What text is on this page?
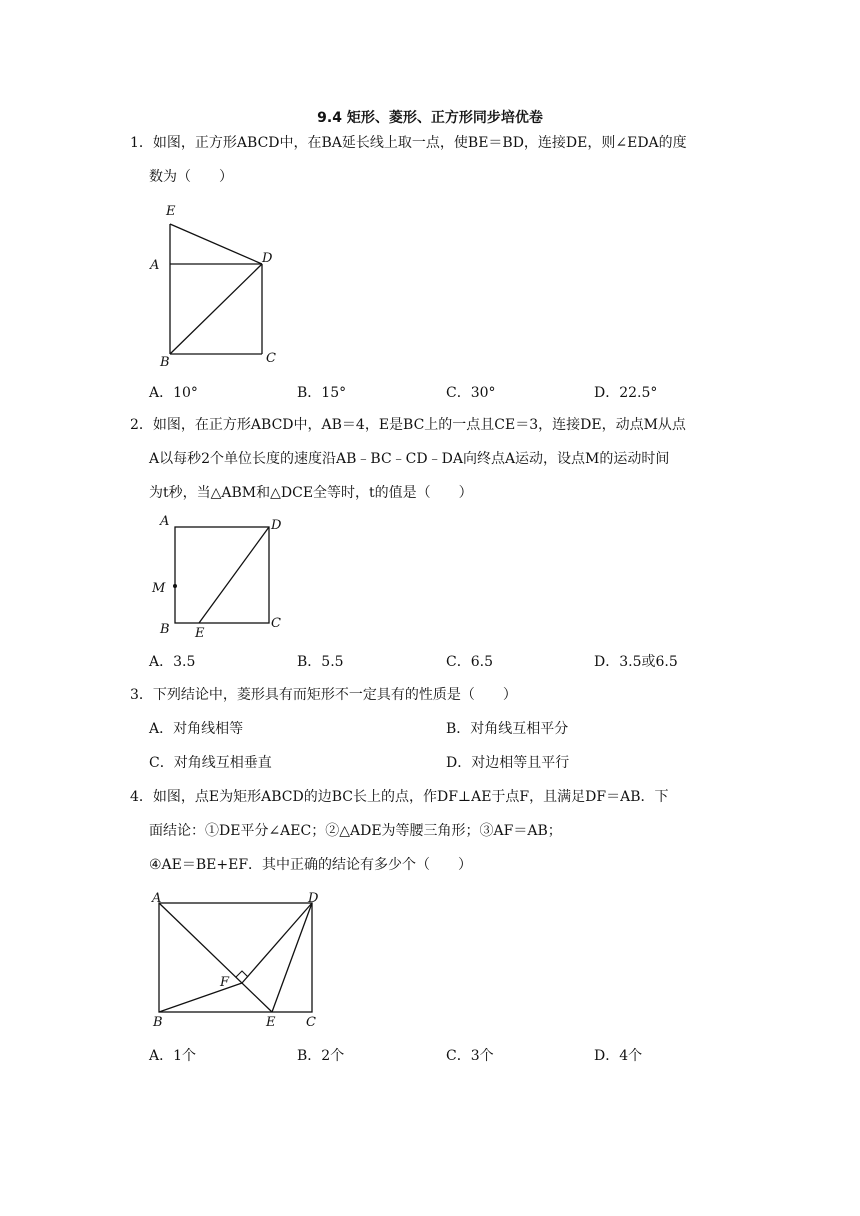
9.4 矩形、菱形、正方形同步培优卷
1．如图，正方形ABCD中，在BA延长线上取一点，使BE＝BD，连接DE，则∠EDA的度
数为（　　）
E
A	D
B	C
A．10°	B．15°	C．30°	D．22.5°
2．如图，在正方形ABCD中，AB＝4，E是BC上的一点且CE＝3，连接DE，动点M从点
A以每秒2个单位长度的速度沿AB﹣BC﹣CD﹣DA向终点A运动，设点M的运动时间
为t秒，当△ABM和△DCE全等时，t的值是（　　）
A	D
M
B E
C
A．3.5	B．5.5	C．6.5	D．3.5或6.5
3．下列结论中，菱形具有而矩形不一定具有的性质是（　　）
A．对角线相等	B．对角线互相平分
C．对角线互相垂直	D．对边相等且平行
4．如图，点E为矩形ABCD的边BC长上的点，作DF⊥AE于点F，且满足DF＝AB．下
面结论：①DE平分∠AEC；②△ADE为等腰三角形；③AF＝AB；
④AE＝BE+EF．其中正确的结论有多少个（　　）
A	D
F
B	E C
A．1个	B．2个	C．3个	D．4个
